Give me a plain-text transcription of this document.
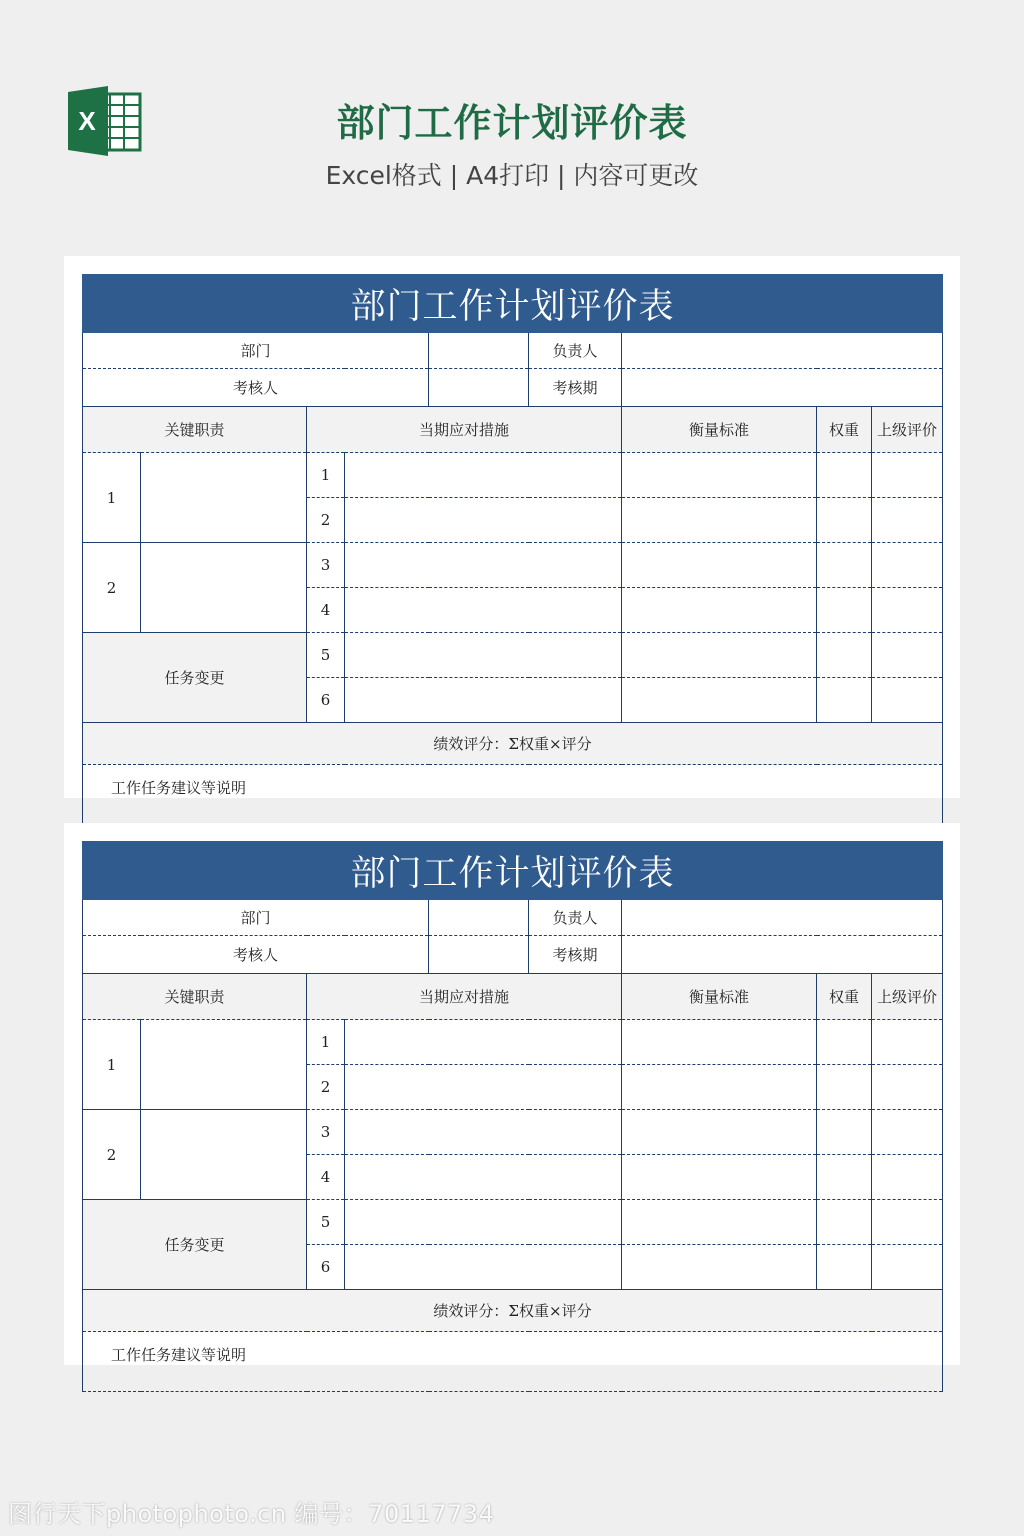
X	部门工作计划评价表
Excel格式 | A4打印 | 内容可更改
部门工作计划评价表								
部门					负责人			
考核人					考核期			
关键职责		当期应对措施				衡量标准	权重	上级评价
1		1						
		2						
2		3						
		4						
任务变更		5						
		6						
绩效评分：Σ权重×评分								
工作任务建议等说明								
部门工作计划评价表								
部门					负责人			
考核人					考核期			
关键职责		当期应对措施				衡量标准	权重	上级评价
1		1						
		2						
2		3						
		4						
任务变更		5						
		6						
绩效评分：Σ权重×评分								
工作任务建议等说明								
图行天下photophoto.cn 编号：70117734
